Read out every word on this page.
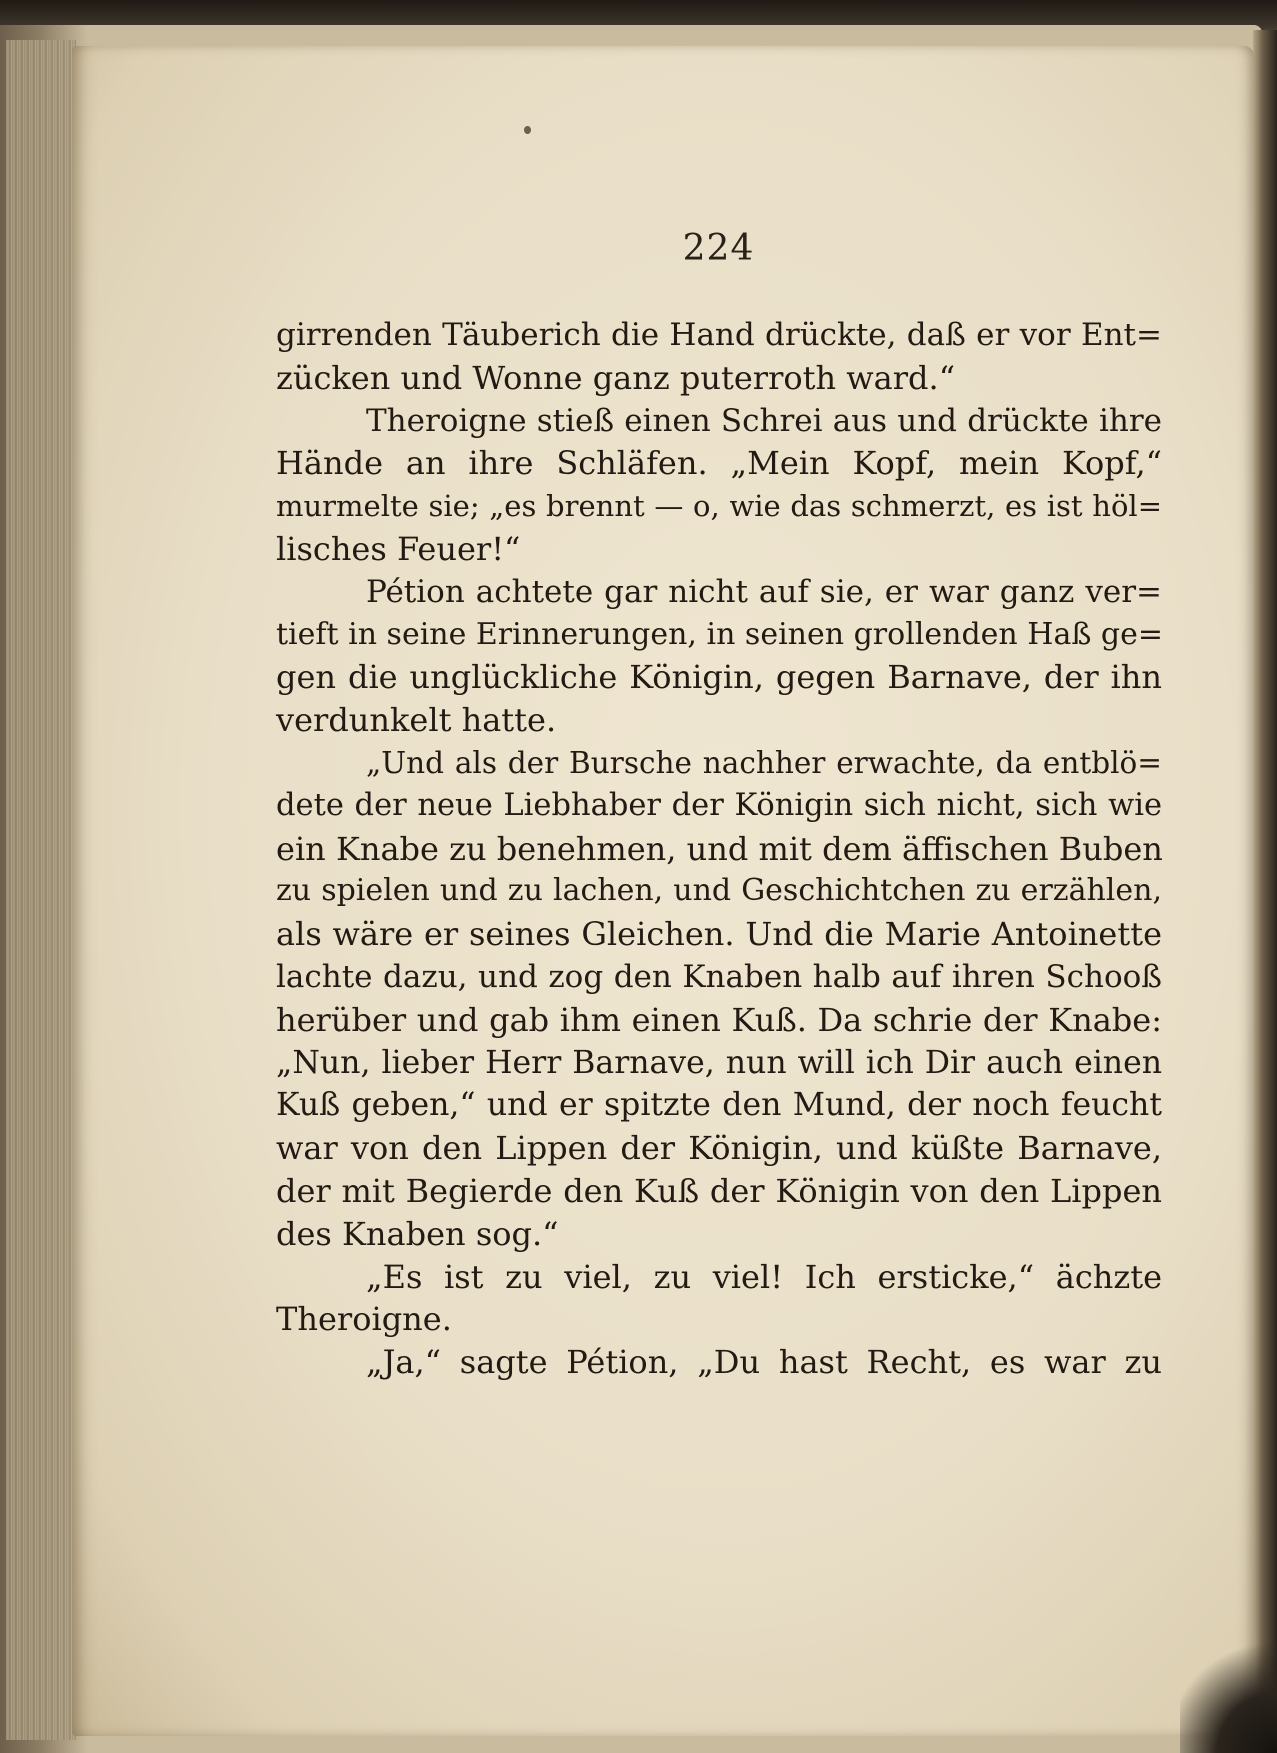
224
girrenden Täuberich die Hand drückte, daß er vor Ent=
zücken und Wonne ganz puterroth ward.“
Theroigne stieß einen Schrei aus und drückte ihre
Hände an ihre Schläfen. „Mein Kopf, mein Kopf,“
murmelte sie; „es brennt — o, wie das schmerzt, es ist höl=
lisches Feuer!“
Pétion achtete gar nicht auf sie, er war ganz ver=
tieft in seine Erinnerungen, in seinen grollenden Haß ge=
gen die unglückliche Königin, gegen Barnave, der ihn
verdunkelt hatte.
„Und als der Bursche nachher erwachte, da entblö=
dete der neue Liebhaber der Königin sich nicht, sich wie
ein Knabe zu benehmen, und mit dem äffischen Buben
zu spielen und zu lachen, und Geschichtchen zu erzählen,
als wäre er seines Gleichen. Und die Marie Antoinette
lachte dazu, und zog den Knaben halb auf ihren Schooß
herüber und gab ihm einen Kuß. Da schrie der Knabe:
„Nun, lieber Herr Barnave, nun will ich Dir auch einen
Kuß geben,“ und er spitzte den Mund, der noch feucht
war von den Lippen der Königin, und küßte Barnave,
der mit Begierde den Kuß der Königin von den Lippen
des Knaben sog.“
„Es ist zu viel, zu viel! Ich ersticke,“ ächzte
Theroigne.
„Ja,“ sagte Pétion, „Du hast Recht, es war zu
